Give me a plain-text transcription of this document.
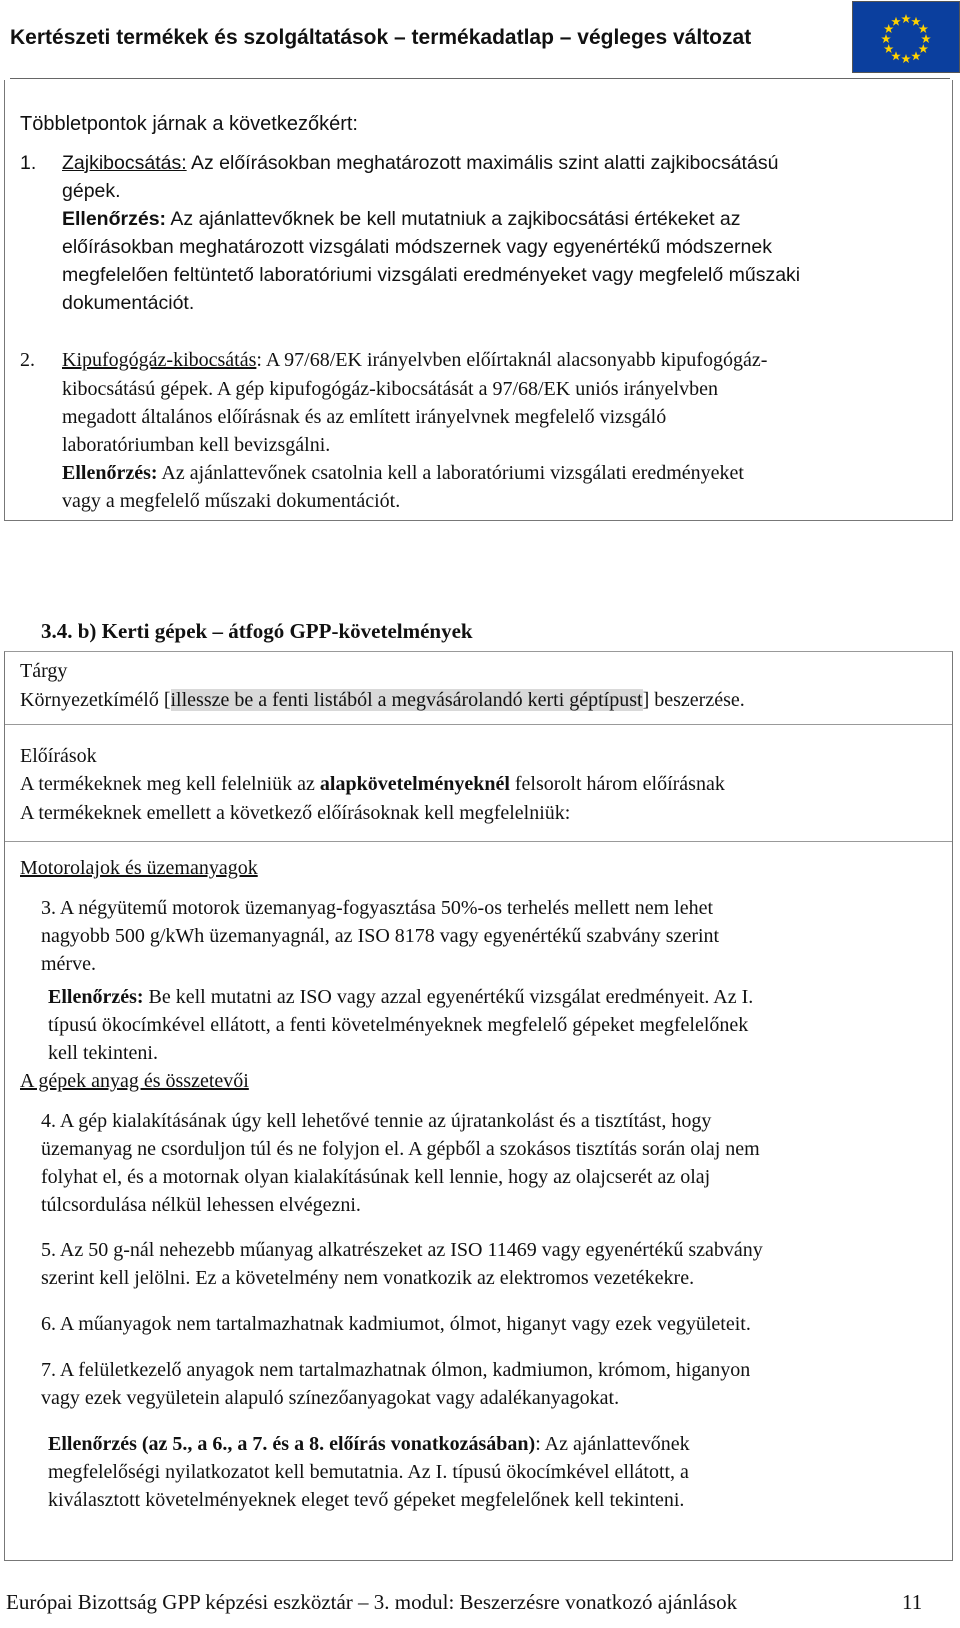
Kertészeti termékek és szolgáltatások – termékadatlap – végleges változat
Többletpontok járnak a következőkért:
1. Zajkibocsátás: Az előírásokban meghatározott maximális szint alatti zajkibocsátású
gépek.
Ellenőrzés: Az ajánlattevőknek be kell mutatniuk a zajkibocsátási értékeket az
előírásokban meghatározott vizsgálati módszernek vagy egyenértékű módszernek
megfelelően feltüntető laboratóriumi vizsgálati eredményeket vagy megfelelő műszaki
dokumentációt.
2. Kipufogógáz-kibocsátás: A 97/68/EK irányelvben előírtaknál alacsonyabb kipufogógáz-
kibocsátású gépek. A gép kipufogógáz-kibocsátását a 97/68/EK uniós irányelvben
megadott általános előírásnak és az említett irányelvnek megfelelő vizsgáló
laboratóriumban kell bevizsgálni.
Ellenőrzés: Az ajánlattevőnek csatolnia kell a laboratóriumi vizsgálati eredményeket
vagy a megfelelő műszaki dokumentációt.
3.4. b) Kerti gépek – átfogó GPP-követelmények
Tárgy
Környezetkímélő [illessze be a fenti listából a megvásárolandó kerti géptípust] beszerzése.
Előírások
A termékeknek meg kell felelniük az alapkövetelményeknél felsorolt három előírásnak
A termékeknek emellett a következő előírásoknak kell megfelelniük:
Motorolajok és üzemanyagok
3. A négyütemű motorok üzemanyag-fogyasztása 50%-os terhelés mellett nem lehet
nagyobb 500 g/kWh üzemanyagnál, az ISO 8178 vagy egyenértékű szabvány szerint
mérve.
Ellenőrzés: Be kell mutatni az ISO vagy azzal egyenértékű vizsgálat eredményeit. Az I.
típusú ökocímkével ellátott, a fenti követelményeknek megfelelő gépeket megfelelőnek
kell tekinteni.
A gépek anyag és összetevői
4. A gép kialakításának úgy kell lehetővé tennie az újratankolást és a tisztítást, hogy
üzemanyag ne csorduljon túl és ne folyjon el. A gépből a szokásos tisztítás során olaj nem
folyhat el, és a motornak olyan kialakításúnak kell lennie, hogy az olajcserét az olaj
túlcsordulása nélkül lehessen elvégezni.
5. Az 50 g-nál nehezebb műanyag alkatrészeket az ISO 11469 vagy egyenértékű szabvány
szerint kell jelölni. Ez a követelmény nem vonatkozik az elektromos vezetékekre.
6. A műanyagok nem tartalmazhatnak kadmiumot, ólmot, higanyt vagy ezek vegyületeit.
7. A felületkezelő anyagok nem tartalmazhatnak ólmon, kadmiumon, krómom, higanyon
vagy ezek vegyületein alapuló színezőanyagokat vagy adalékanyagokat.
Ellenőrzés (az 5., a 6., a 7. és a 8. előírás vonatkozásában): Az ajánlattevőnek
megfelelőségi nyilatkozatot kell bemutatnia. Az I. típusú ökocímkével ellátott, a
kiválasztott követelményeknek eleget tevő gépeket megfelelőnek kell tekinteni.
Európai Bizottság GPP képzési eszköztár – 3. modul: Beszerzésre vonatkozó ajánlások	11
